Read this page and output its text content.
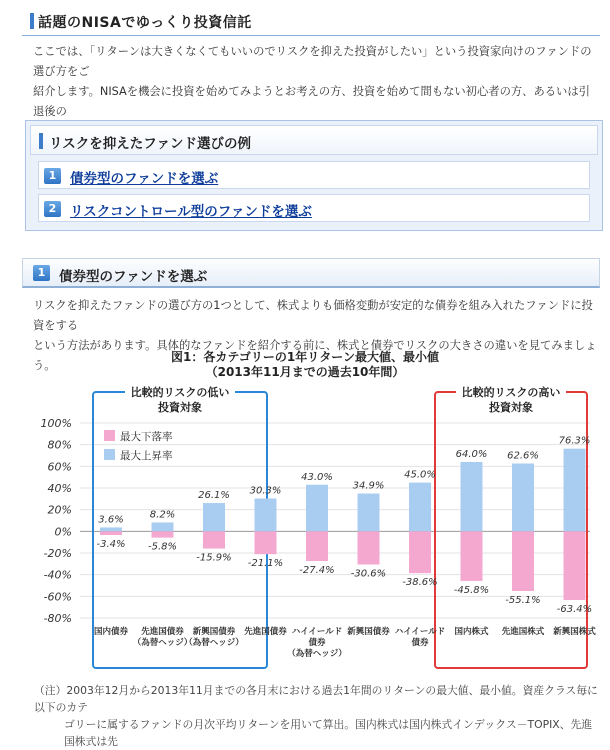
話題のNISAでゆっくり投資信託
ここでは、「リターンは大きくなくてもいいのでリスクを抑えた投資がしたい」という投資家向けのファンドの選び方をご
紹介します。NISAを機会に投資を始めてみようとお考えの方、投資を始めて間もない初心者の方、あるいは引退後の
リスクを抑えたファンド選びの例
1	債券型のファンドを選ぶ
2	リスクコントロール型のファンドを選ぶ
1	債券型のファンドを選ぶ
リスクを抑えたファンドの選び方の1つとして、株式よりも価格変動が安定的な債券を組み入れたファンドに投資をする
という方法があります。具体的なファンドを紹介する前に、株式と債券でリスクの大きさの違いを見てみましょう。
図1：各カテゴリーの1年リターン最大値、最小値
（2013年11月までの過去10年間）
100%
80%
60%
40%
20%
0%
-20%
-40%
-60%
-80%
比較的リスクの低い
投資対象
比較的リスクの高い
投資対象
3.6%
-3.4%
国内債券
8.2%
-5.8%
先進国債券
（為替ヘッジ）
26.1%
-15.9%
新興国債券
（為替ヘッジ）
30.3%
-21.1%
先進国債券
43.0%
-27.4%
ハイイールド
債券
（為替ヘッジ）
34.9%
-30.6%
新興国債券
45.0%
-38.6%
ハイイールド
債券
64.0%
-45.8%
国内株式
62.6%
-55.1%
先進国株式
76.3%
-63.4%
新興国株式
最大下落率
最大上昇率
（注）2003年12月から2013年11月までの各月末における過去1年間のリターンの最大値、最小値。資産クラス毎に以下のカテ
ゴリーに属するファンドの月次平均リターンを用いて算出。国内株式は国内株式インデックス－TOPIX、先進国株式は先
